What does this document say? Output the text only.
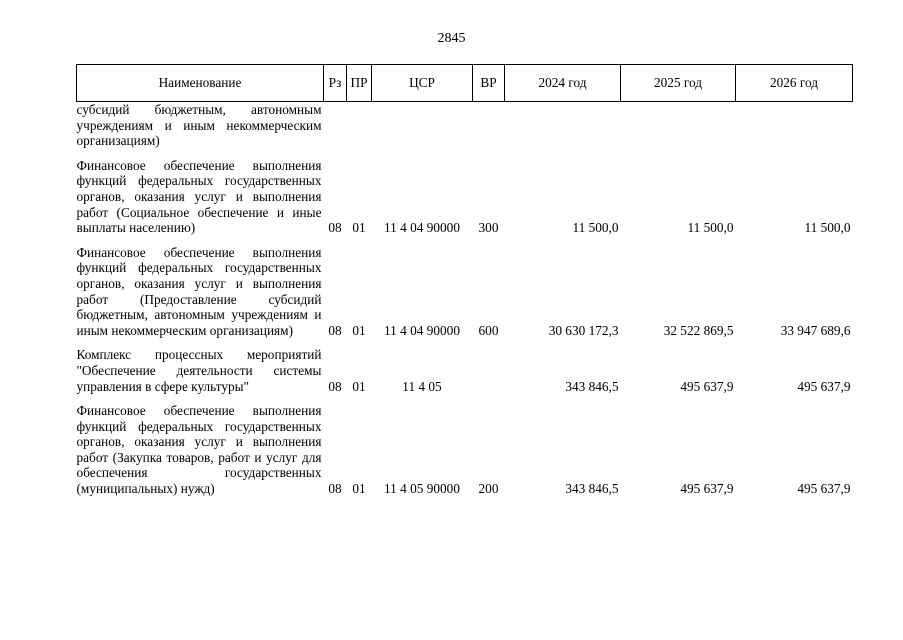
2845
Наименование	Рз	ПР	ЦСР	ВР	2024 год	2025 год	2026 год
субсидий бюджетным, автономным учреждениям и иным некоммерческим организациям)							
Финансовое обеспечение выполнения функций федеральных государственных органов, оказания услуг и выполнения работ (Социальное обеспечение и иные выплаты населению)	08	01	11 4 04 90000	300	11 500,0	11 500,0	11 500,0
Финансовое обеспечение выполнения функций федеральных государственных органов, оказания услуг и выполнения работ (Предоставление субсидий бюджетным, автономным учреждениям и иным некоммерческим организациям)	08	01	11 4 04 90000	600	30 630 172,3	32 522 869,5	33 947 689,6
Комплекс процессных мероприятий "Обеспечение деятельности системы управления в сфере культуры"	08	01	11 4 05		343 846,5	495 637,9	495 637,9
Финансовое обеспечение выполнения функций федеральных государственных органов, оказания услуг и выполнения работ (Закупка товаров, работ и услуг для обеспечения государственных (муниципальных) нужд)	08	01	11 4 05 90000	200	343 846,5	495 637,9	495 637,9
